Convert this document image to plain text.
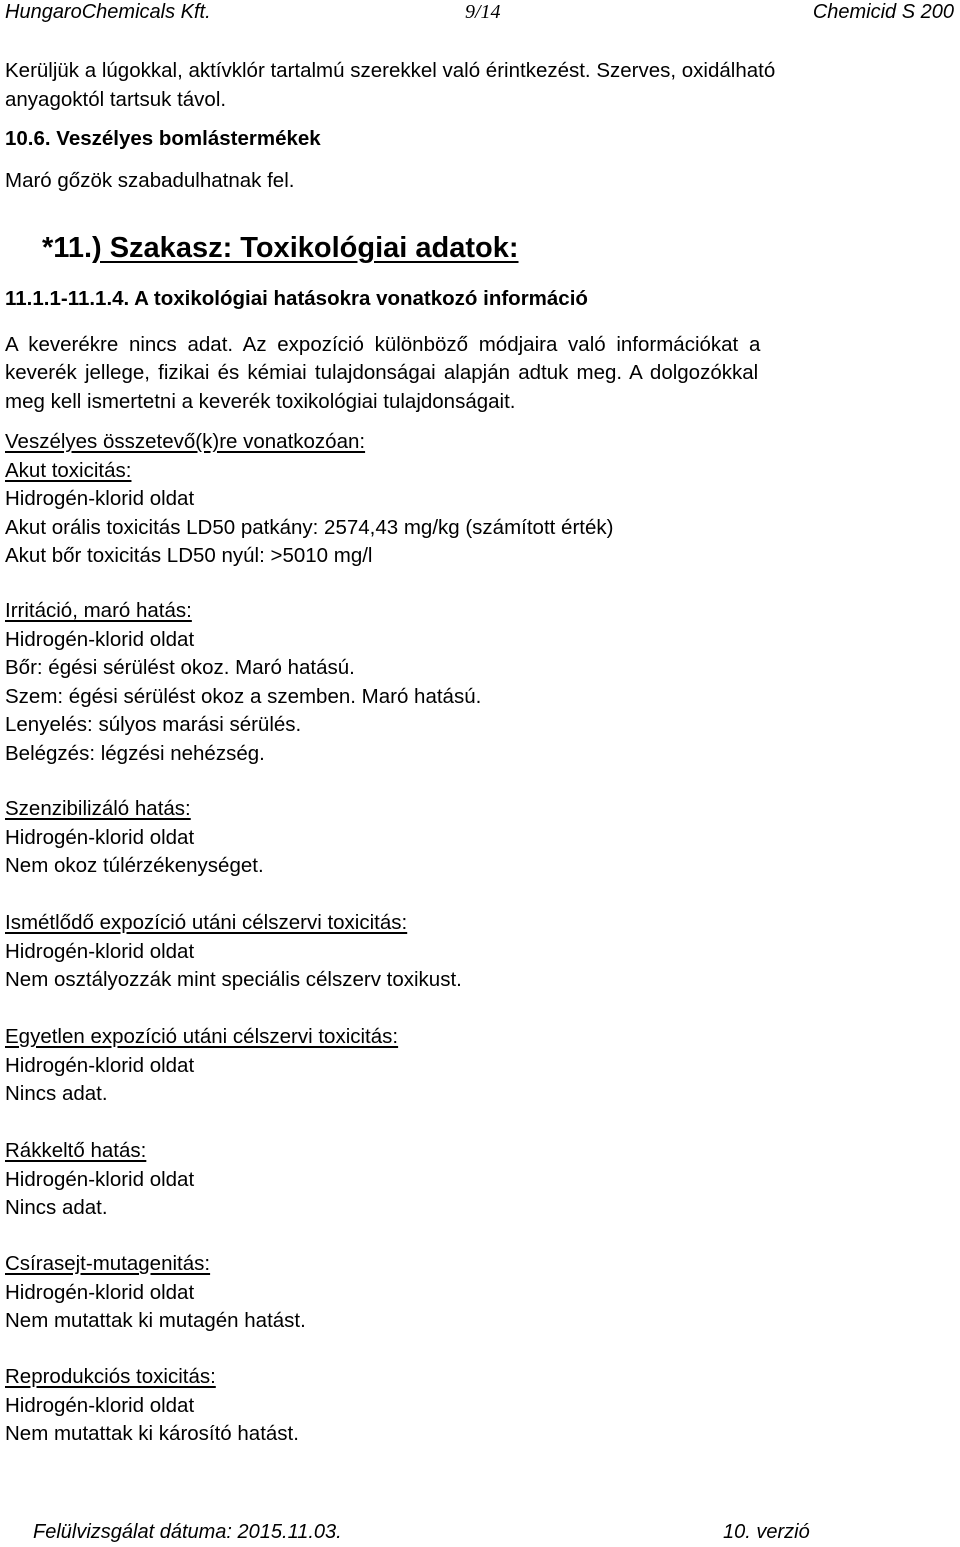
HungaroChemicals Kft.	9/14	Chemicid S 200
Kerüljük a lúgokkal, aktívklór tartalmú szerekkel való érintkezést. Szerves, oxidálható
anyagoktól tartsuk távol.
10.6. Veszélyes bomlástermékek
Maró gőzök szabadulhatnak fel.
*11.) Szakasz: Toxikológiai adatok:
11.1.1-11.1.4. A toxikológiai hatásokra vonatkozó információ
A keverékre nincs adat. Az expozíció különböző módjaira való információkat a
keverék jellege, fizikai és kémiai tulajdonságai alapján adtuk meg. A dolgozókkal
meg kell ismertetni a keverék toxikológiai tulajdonságait.
Veszélyes összetevő(k)re vonatkozóan:
Akut toxicitás:
Hidrogén-klorid oldat
Akut orális toxicitás LD50 patkány: 2574,43 mg/kg (számított érték)
Akut bőr toxicitás LD50 nyúl: >5010 mg/l
Irritáció, maró hatás:
Hidrogén-klorid oldat
Bőr: égési sérülést okoz. Maró hatású.
Szem: égési sérülést okoz a szemben. Maró hatású.
Lenyelés: súlyos marási sérülés.
Belégzés: légzési nehézség.
Szenzibilizáló hatás:
Hidrogén-klorid oldat
Nem okoz túlérzékenységet.
Ismétlődő expozíció utáni célszervi toxicitás:
Hidrogén-klorid oldat
Nem osztályozzák mint speciális célszerv toxikust.
Egyetlen expozíció utáni célszervi toxicitás:
Hidrogén-klorid oldat
Nincs adat.
Rákkeltő hatás:
Hidrogén-klorid oldat
Nincs adat.
Csírasejt-mutagenitás:
Hidrogén-klorid oldat
Nem mutattak ki mutagén hatást.
Reprodukciós toxicitás:
Hidrogén-klorid oldat
Nem mutattak ki károsító hatást.
Felülvizsgálat dátuma: 2015.11.03.	10. verzió
